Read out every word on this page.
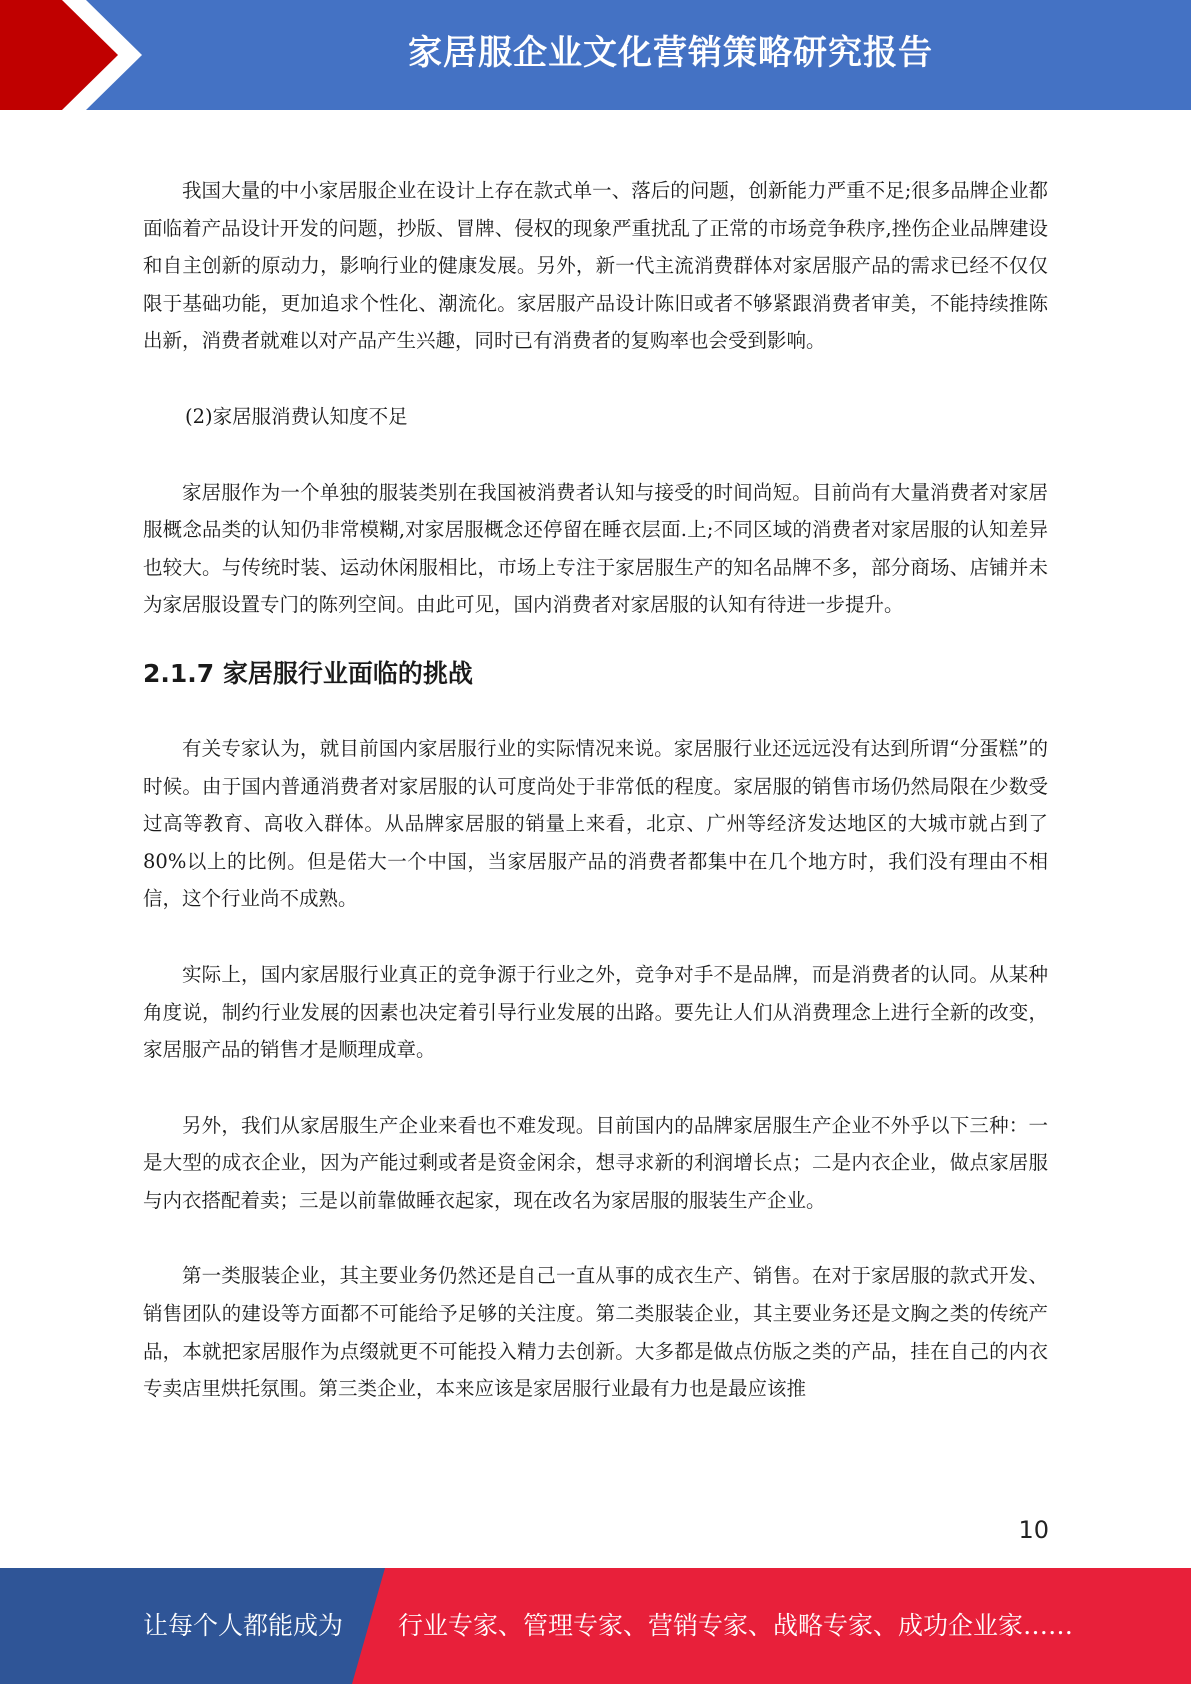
家居服企业文化营销策略研究报告

我国大量的中小家居服企业在设计上存在款式单一、落后的问题，创新能力严重不足;很多品牌企业都面临着产品设计开发的问题，抄版、冒牌、侵权的现象严重扰乱了正常的市场竞争秩序,挫伤企业品牌建设和自主创新的原动力，影响行业的健康发展。另外，新一代主流消费群体对家居服产品的需求已经不仅仅限于基础功能，更加追求个性化、潮流化。家居服产品设计陈旧或者不够紧跟消费者审美，不能持续推陈出新，消费者就难以对产品产生兴趣，同时已有消费者的复购率也会受到影响。

(2)家居服消费认知度不足

家居服作为一个单独的服装类别在我国被消费者认知与接受的时间尚短。目前尚有大量消费者对家居服概念品类的认知仍非常模糊,对家居服概念还停留在睡衣层面.上;不同区域的消费者对家居服的认知差异也较大。与传统时装、运动休闲服相比，市场上专注于家居服生产的知名品牌不多，部分商场、店铺并未为家居服设置专门的陈列空间。由此可见，国内消费者对家居服的认知有待进一步提升。

2.1.7 家居服行业面临的挑战

有关专家认为，就目前国内家居服行业的实际情况来说。家居服行业还远远没有达到所谓“分蛋糕”的时候。由于国内普通消费者对家居服的认可度尚处于非常低的程度。家居服的销售市场仍然局限在少数受过高等教育、高收入群体。从品牌家居服的销量上来看，北京、广州等经济发达地区的大城市就占到了 80%以上的比例。但是偌大一个中国，当家居服产品的消费者都集中在几个地方时，我们没有理由不相信，这个行业尚不成熟。

实际上，国内家居服行业真正的竞争源于行业之外，竞争对手不是品牌，而是消费者的认同。从某种角度说，制约行业发展的因素也决定着引导行业发展的出路。要先让人们从消费理念上进行全新的改变，家居服产品的销售才是顺理成章。

另外，我们从家居服生产企业来看也不难发现。目前国内的品牌家居服生产企业不外乎以下三种：一是大型的成衣企业，因为产能过剩或者是资金闲余，想寻求新的利润增长点；二是内衣企业，做点家居服与内衣搭配着卖；三是以前靠做睡衣起家，现在改名为家居服的服装生产企业。

第一类服装企业，其主要业务仍然还是自己一直从事的成衣生产、销售。在对于家居服的款式开发、销售团队的建设等方面都不可能给予足够的关注度。第二类服装企业，其主要业务还是文胸之类的传统产品，本就把家居服作为点缀就更不可能投入精力去创新。大多都是做点仿版之类的产品，挂在自己的内衣专卖店里烘托氛围。第三类企业，本来应该是家居服行业最有力也是最应该推

10
让每个人都能成为 行业专家、管理专家、营销专家、战略专家、成功企业家……
